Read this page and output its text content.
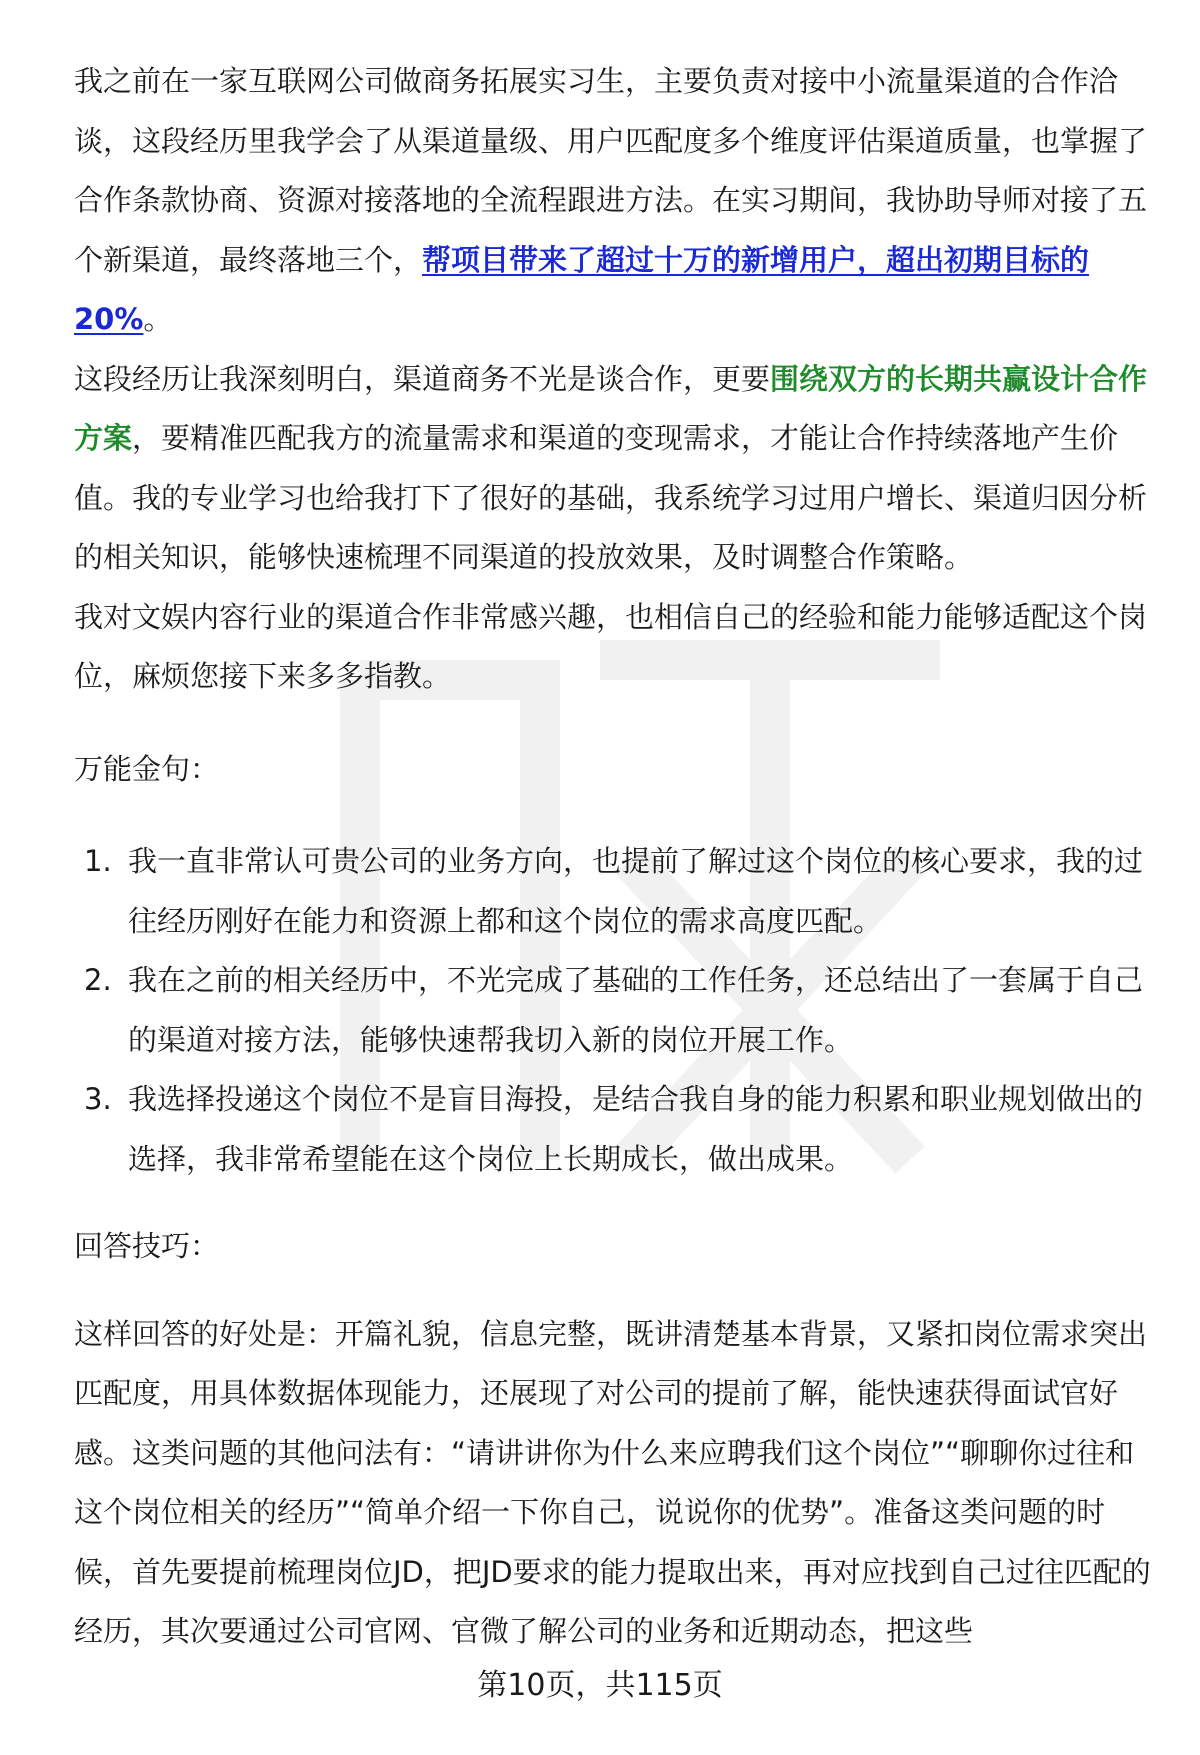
我之前在一家互联网公司做商务拓展实习生，主要负责对接中小流量渠道的合作洽谈，这段经历里我学会了从渠道量级、用户匹配度多个维度评估渠道质量，也掌握了合作条款协商、资源对接落地的全流程跟进方法。在实习期间，我协助导师对接了五个新渠道，最终落地三个，帮项目带来了超过十万的新增用户，超出初期目标的20%。

这段经历让我深刻明白，渠道商务不光是谈合作，更要围绕双方的长期共赢设计合作方案，要精准匹配我方的流量需求和渠道的变现需求，才能让合作持续落地产生价值。我的专业学习也给我打下了很好的基础，我系统学习过用户增长、渠道归因分析的相关知识，能够快速梳理不同渠道的投放效果，及时调整合作策略。

我对文娱内容行业的渠道合作非常感兴趣，也相信自己的经验和能力能够适配这个岗位，麻烦您接下来多多指教。

万能金句：

1. 我一直非常认可贵公司的业务方向，也提前了解过这个岗位的核心要求，我的过往经历刚好在能力和资源上都和这个岗位的需求高度匹配。
2. 我在之前的相关经历中，不光完成了基础的工作任务，还总结出了一套属于自己的渠道对接方法，能够快速帮我切入新的岗位开展工作。
3. 我选择投递这个岗位不是盲目海投，是结合我自身的能力积累和职业规划做出的选择，我非常希望能在这个岗位上长期成长，做出成果。

回答技巧：

这样回答的好处是：开篇礼貌，信息完整，既讲清楚基本背景，又紧扣岗位需求突出匹配度，用具体数据体现能力，还展现了对公司的提前了解，能快速获得面试官好感。这类问题的其他问法有：“请讲讲你为什么来应聘我们这个岗位”“聊聊你过往和这个岗位相关的经历”“简单介绍一下你自己，说说你的优势”。准备这类问题的时候，首先要提前梳理岗位JD，把JD要求的能力提取出来，再对应找到自己过往匹配的经历，其次要通过公司官网、官微了解公司的业务和近期动态，把这些

第10页，共115页
